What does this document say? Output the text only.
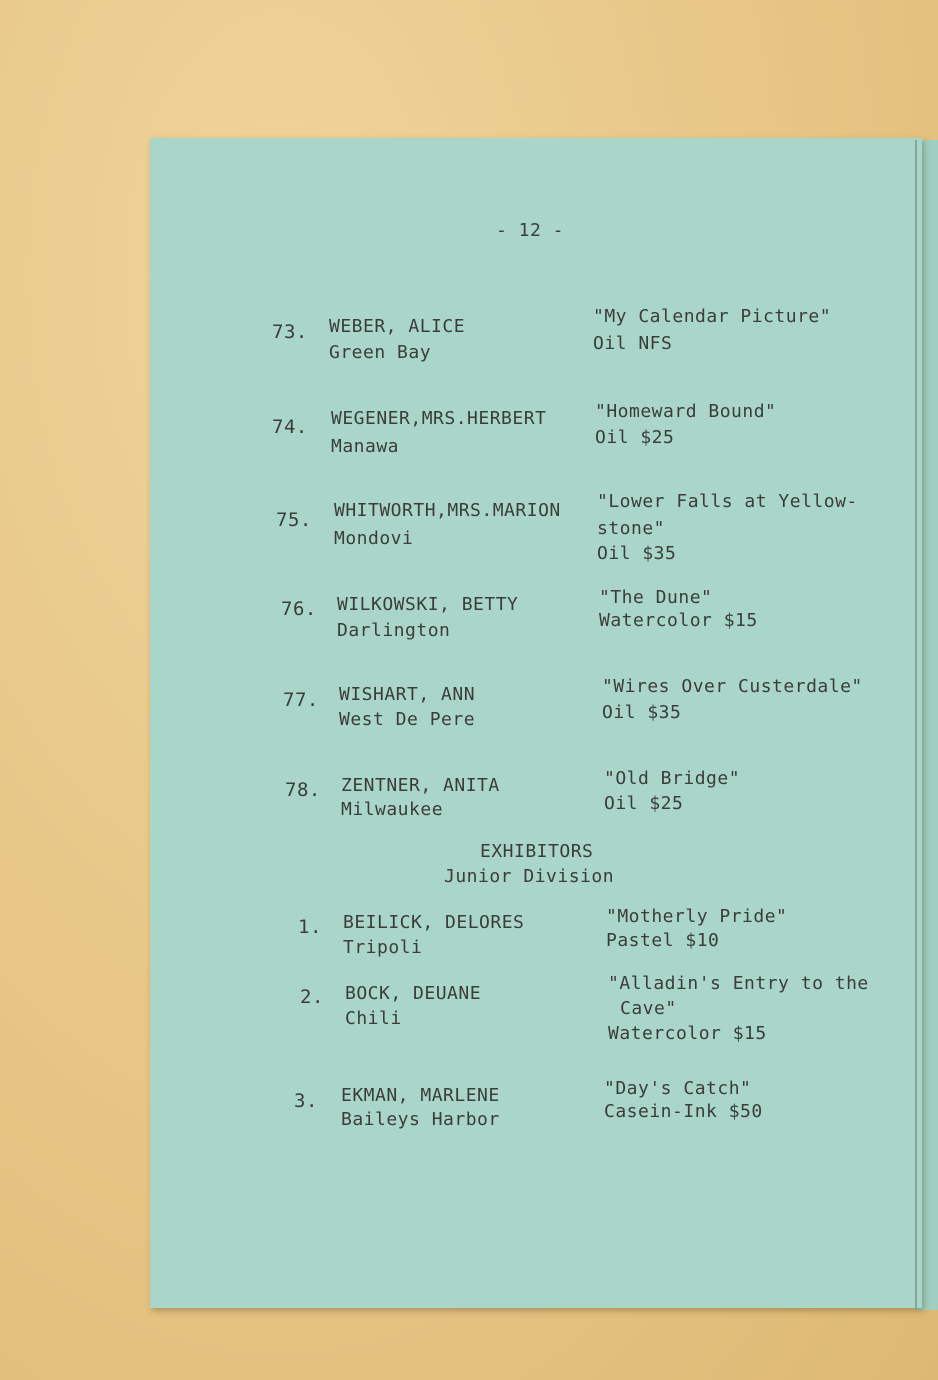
- 12 -
73. WEBER, ALICE
Green Bay
"My Calendar Picture"
Oil NFS
74. WEGENER,MRS.HERBERT
Manawa
"Homeward Bound"
Oil $25
75. WHITWORTH,MRS.MARION
Mondovi
"Lower Falls at Yellow-
stone"
Oil $35
76. WILKOWSKI, BETTY
Darlington
"The Dune"
Watercolor $15
77. WISHART, ANN
West De Pere
"Wires Over Custerdale"
Oil $35
78. ZENTNER, ANITA
Milwaukee
"Old Bridge"
Oil $25
EXHIBITORS
Junior Division
1. BEILICK, DELORES
Tripoli
"Motherly Pride"
Pastel $10
2. BOCK, DEUANE
Chili
"Alladin's Entry to the
Cave"
Watercolor $15
3. EKMAN, MARLENE
Baileys Harbor
"Day's Catch"
Casein-Ink $50
